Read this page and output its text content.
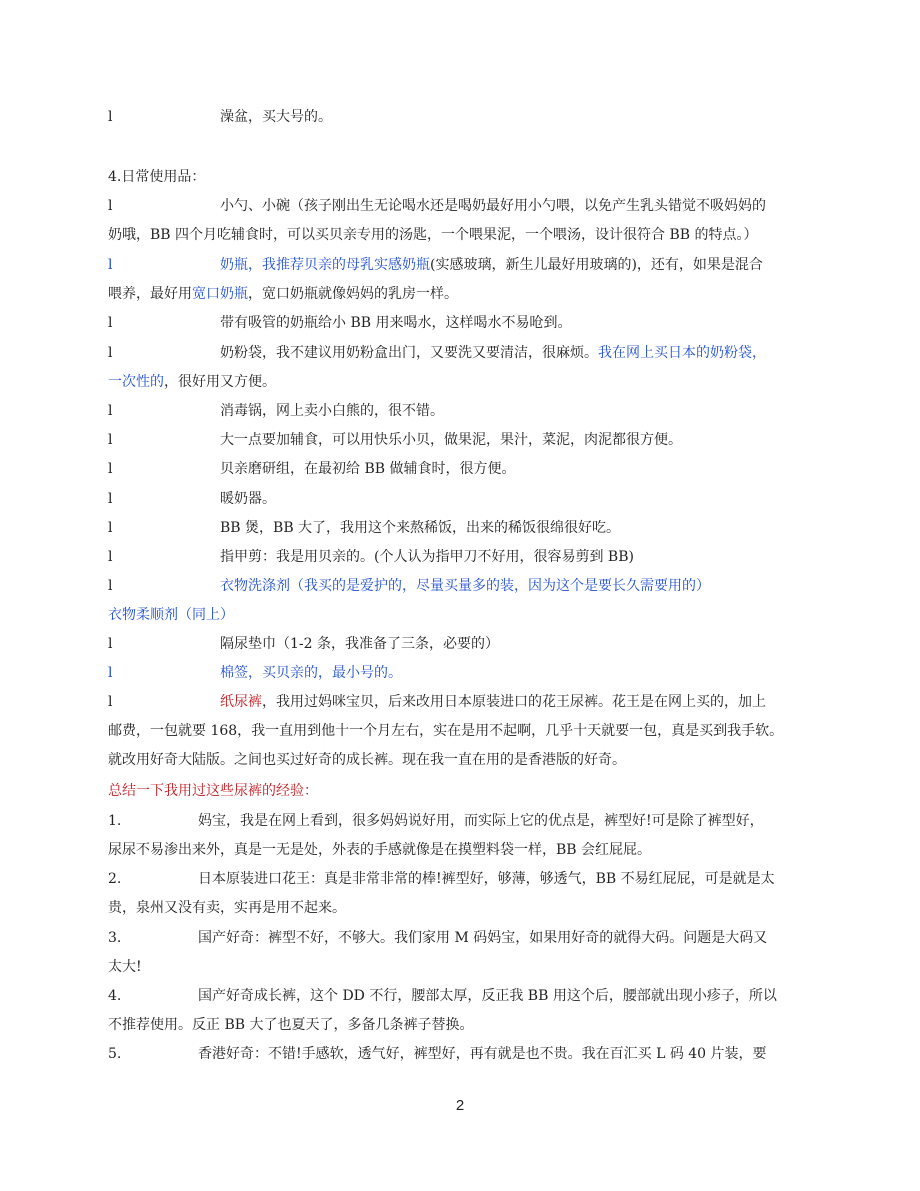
l	澡盆，买大号的。
4.日常使用品：
l	小勺、小碗（孩子刚出生无论喝水还是喝奶最好用小勺喂，以免产生乳头错觉不吸妈妈的
奶哦，BB 四个月吃辅食时，可以买贝亲专用的汤匙，一个喂果泥，一个喂汤，设计很符合 BB 的特点。）
l	奶瓶，我推荐贝亲的母乳实感奶瓶(实感玻璃，新生儿最好用玻璃的)，还有，如果是混合
喂养，最好用宽口奶瓶，宽口奶瓶就像妈妈的乳房一样。
l	带有吸管的奶瓶给小 BB 用来喝水，这样喝水不易呛到。
l	奶粉袋，我不建议用奶粉盒出门，又要洗又要清洁，很麻烦。我在网上买日本的奶粉袋，
一次性的，很好用又方便。
l	消毒锅，网上卖小白熊的，很不错。
l	大一点要加辅食，可以用快乐小贝，做果泥，果汁，菜泥，肉泥都很方便。
l	贝亲磨研组，在最初给 BB 做辅食时，很方便。
l	暖奶器。
l	BB 煲，BB 大了，我用这个来熬稀饭，出来的稀饭很绵很好吃。
l	指甲剪：我是用贝亲的。(个人认为指甲刀不好用，很容易剪到 BB)
l	衣物洗涤剂（我买的是爱护的，尽量买量多的装，因为这个是要长久需要用的）
衣物柔顺剂（同上）
l	隔尿垫巾（1-2 条，我准备了三条，必要的）
l	棉签，买贝亲的，最小号的。
l	纸尿裤，我用过妈咪宝贝，后来改用日本原装进口的花王尿裤。花王是在网上买的，加上
邮费，一包就要 168，我一直用到他十一个月左右，实在是用不起啊，几乎十天就要一包，真是买到我手软。
就改用好奇大陆版。之间也买过好奇的成长裤。现在我一直在用的是香港版的好奇。
总结一下我用过这些尿裤的经验：
1.	妈宝，我是在网上看到，很多妈妈说好用，而实际上它的优点是，裤型好!可是除了裤型好，
尿尿不易渗出来外，真是一无是处，外表的手感就像是在摸塑料袋一样，BB 会红屁屁。
2.	日本原装进口花王：真是非常非常的棒!裤型好，够薄，够透气，BB 不易红屁屁，可是就是太
贵，泉州又没有卖，实再是用不起来。
3.	国产好奇：裤型不好，不够大。我们家用 M 码妈宝，如果用好奇的就得大码。问题是大码又
太大!
4.	国产好奇成长裤，这个 DD 不行，腰部太厚，反正我 BB 用这个后，腰部就出现小疹子，所以
不推荐使用。反正 BB 大了也夏天了，多备几条裤子替换。
5.	香港好奇：不错!手感软，透气好，裤型好，再有就是也不贵。我在百汇买 L 码 40 片装，要
2
